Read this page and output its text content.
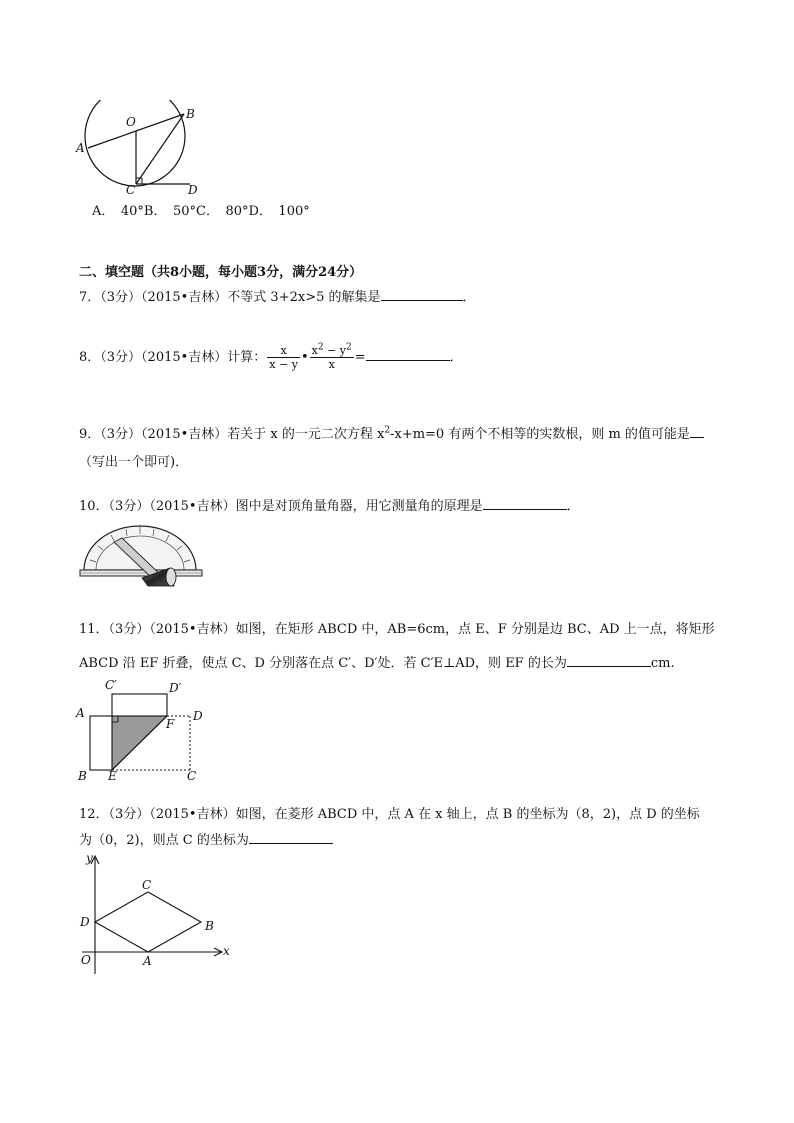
A
B
O
C	D
A．　40°B．　50°C．　80°D．　100°
二、填空题（共8小题，每小题3分，满分24分）
7．（3分）（2015•吉林）不等式 3+2x>5 的解集是	．
8．（3分）（2015•吉林）计算： $\frac{x}{x - y}$ • $\frac{x^2 - y^2}{x}$ =	．
9．（3分）（2015•吉林）若关于 x 的一元二次方程 $x^2-x+m=0$ 有两个不相等的实数根，则 m 的值可能是
（写出一个即可)．
10．（3分）（2015•吉林）图中是对顶角量角器，用它测量角的原理是	．
11．（3分）（2015•吉林）如图，在矩形 ABCD 中，AB=6cm，点 E、F 分别是边 BC、AD 上一点，将矩形
ABCD 沿 EF 折叠，使点 C、D 分别落在点 C′、D′处．若 C′E⊥AD，则 EF 的长为	cm.
C′	D′
A	D
F
B E	C
12．（3分）（2015•吉林）如图，在菱形 ABCD 中，点 A 在 x 轴上，点 B 的坐标为（8，2)，点 D 的坐标
为（0，2)，则点 C 的坐标为
y
C
D	B
O	A
x
